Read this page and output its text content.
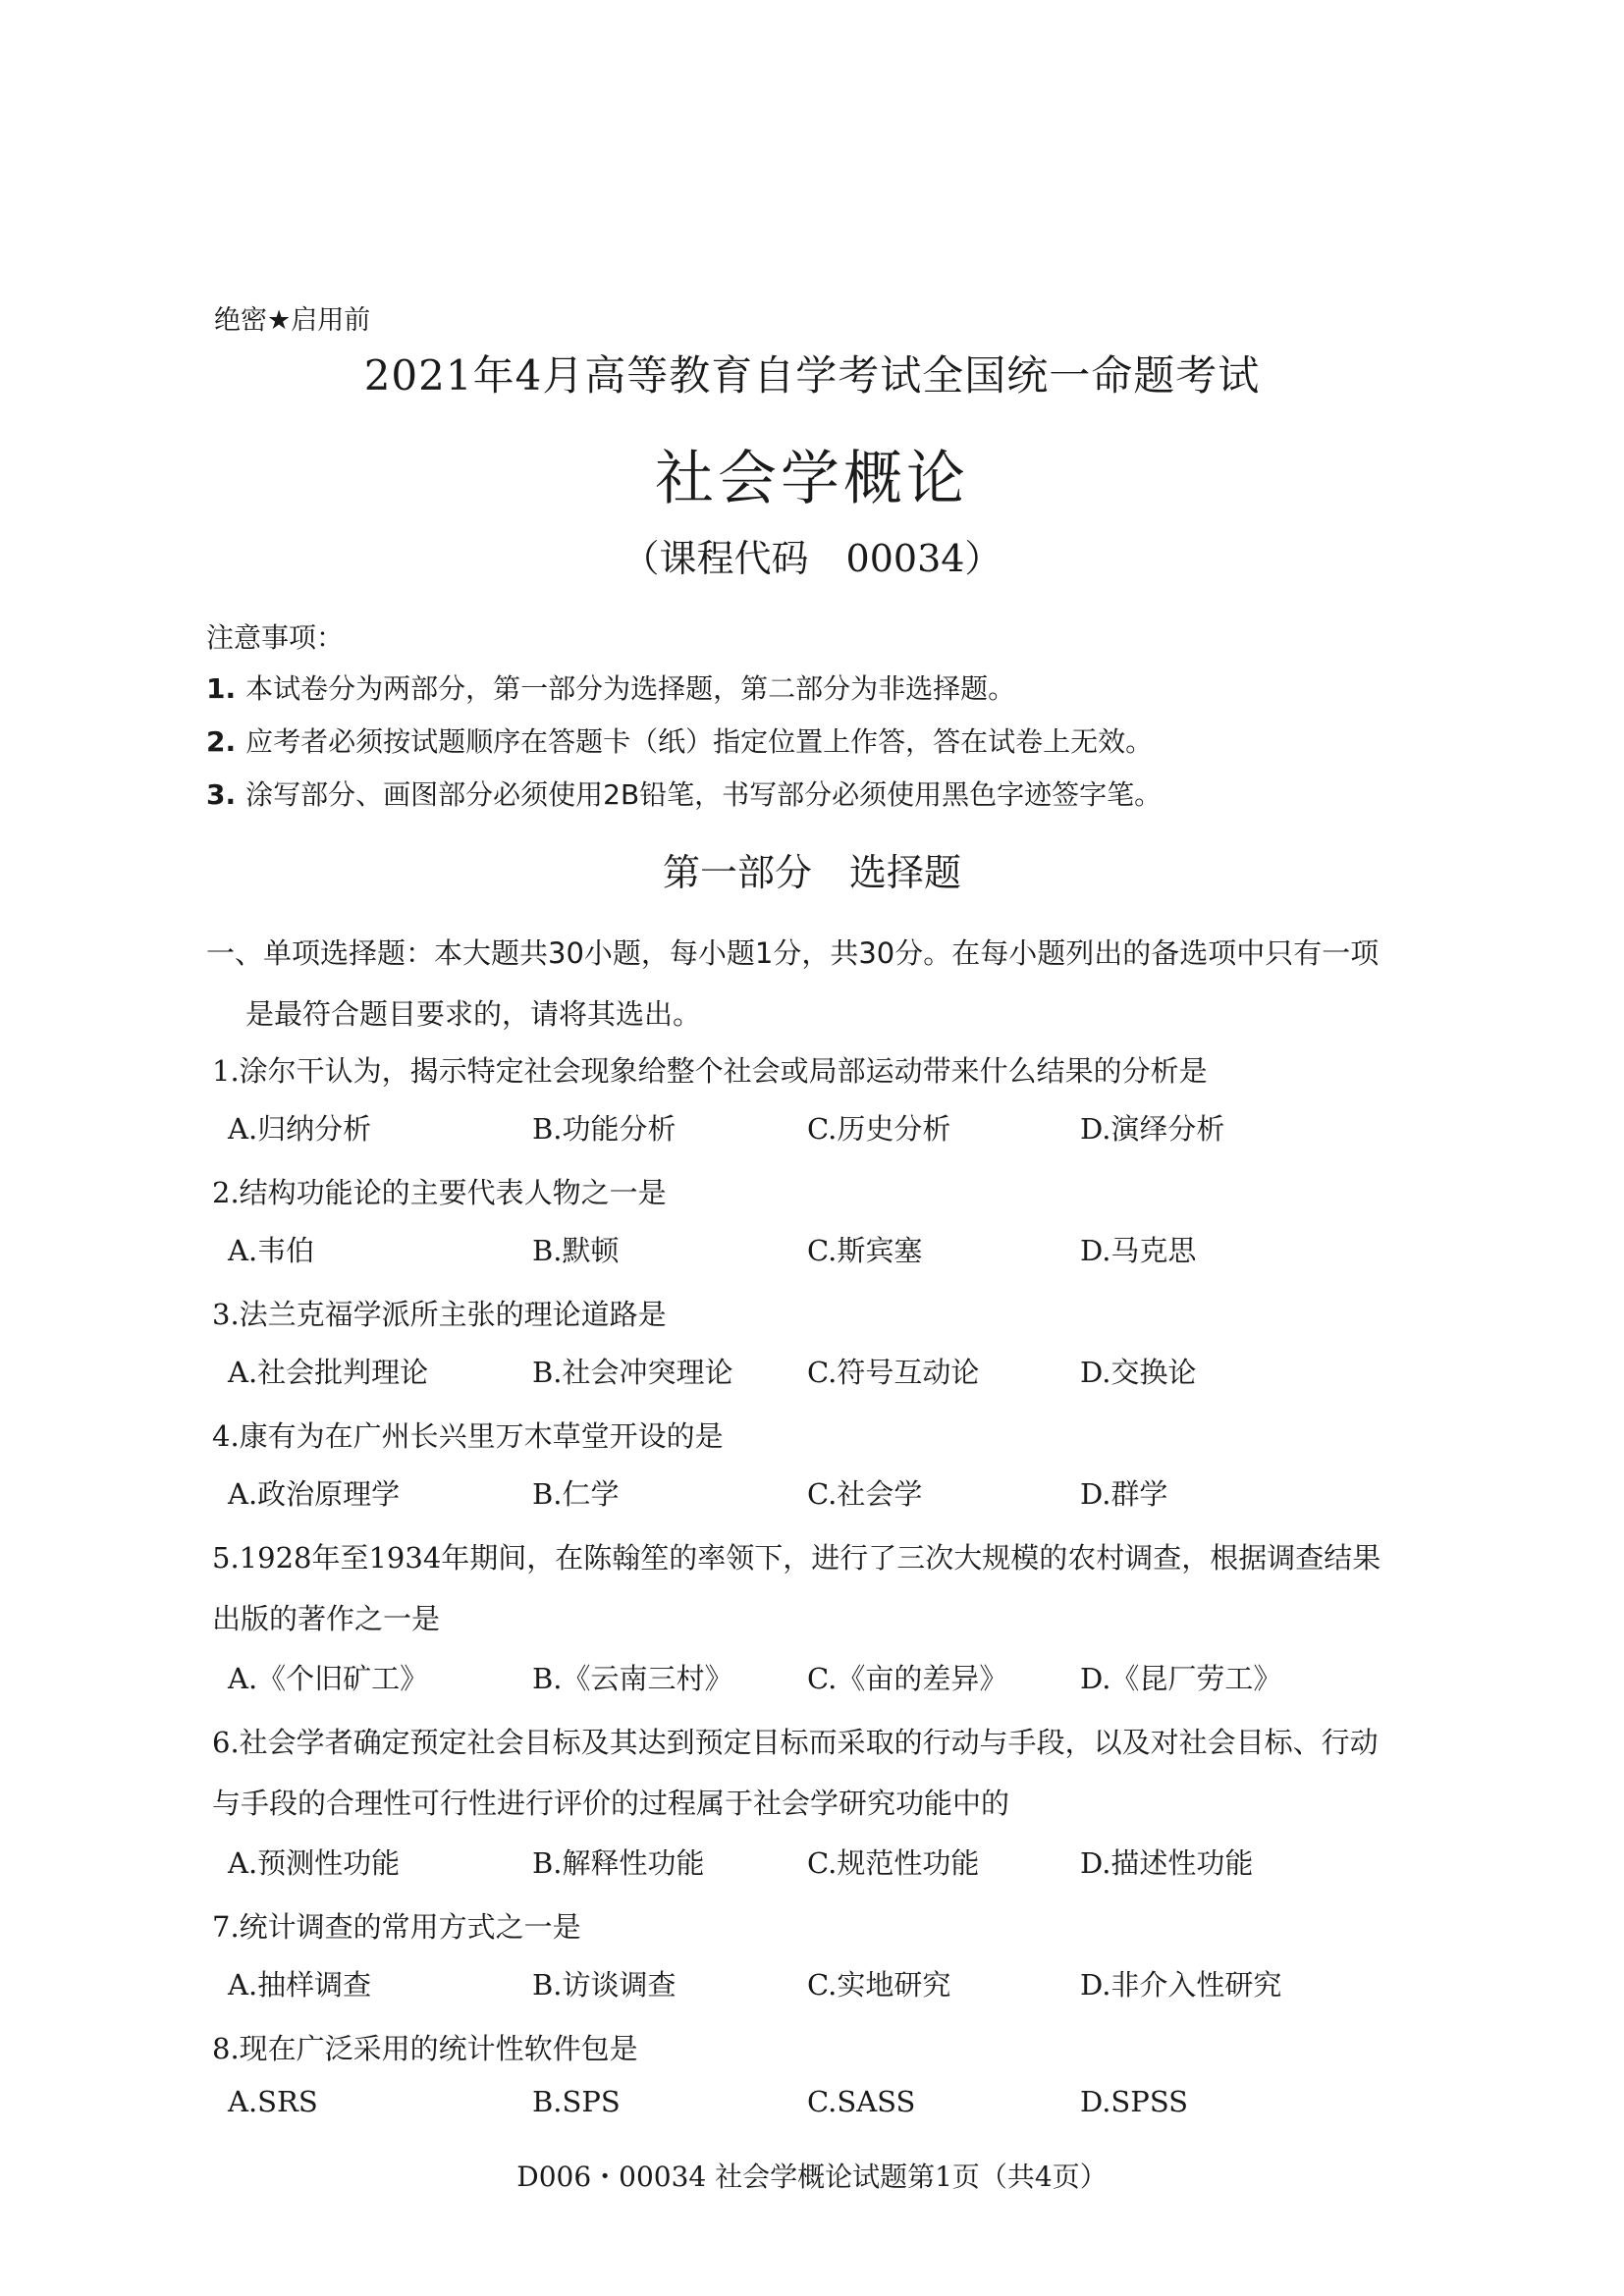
绝密★启用前
2021年4月高等教育自学考试全国统一命题考试
社会学概论
（课程代码　00034）
注意事项：
1. 本试卷分为两部分，第一部分为选择题，第二部分为非选择题。
2. 应考者必须按试题顺序在答题卡（纸）指定位置上作答，答在试卷上无效。
3. 涂写部分、画图部分必须使用2B铅笔，书写部分必须使用黑色字迹签字笔。
第一部分　选择题
一、单项选择题：本大题共30小题，每小题1分，共30分。在每小题列出的备选项中只有一项
是最符合题目要求的，请将其选出。
1.涂尔干认为，揭示特定社会现象给整个社会或局部运动带来什么结果的分析是
A.归纳分析	B.功能分析	C.历史分析	D.演绎分析
2.结构功能论的主要代表人物之一是
A.韦伯	B.默顿	C.斯宾塞	D.马克思
3.法兰克福学派所主张的理论道路是
A.社会批判理论	B.社会冲突理论	C.符号互动论	D.交换论
4.康有为在广州长兴里万木草堂开设的是
A.政治原理学	B.仁学	C.社会学	D.群学
5.1928年至1934年期间，在陈翰笙的率领下，进行了三次大规模的农村调查，根据调查结果
出版的著作之一是
A.《个旧矿工》	B.《云南三村》	C.《亩的差异》	D.《昆厂劳工》
6.社会学者确定预定社会目标及其达到预定目标而采取的行动与手段，以及对社会目标、行动
与手段的合理性可行性进行评价的过程属于社会学研究功能中的
A.预测性功能	B.解释性功能	C.规范性功能	D.描述性功能
7.统计调查的常用方式之一是
A.抽样调查	B.访谈调查	C.实地研究	D.非介入性研究
8.现在广泛采用的统计性软件包是
A.SRS	B.SPS	C.SASS	D.SPSS
D006・00034 社会学概论试题第1页（共4页）
